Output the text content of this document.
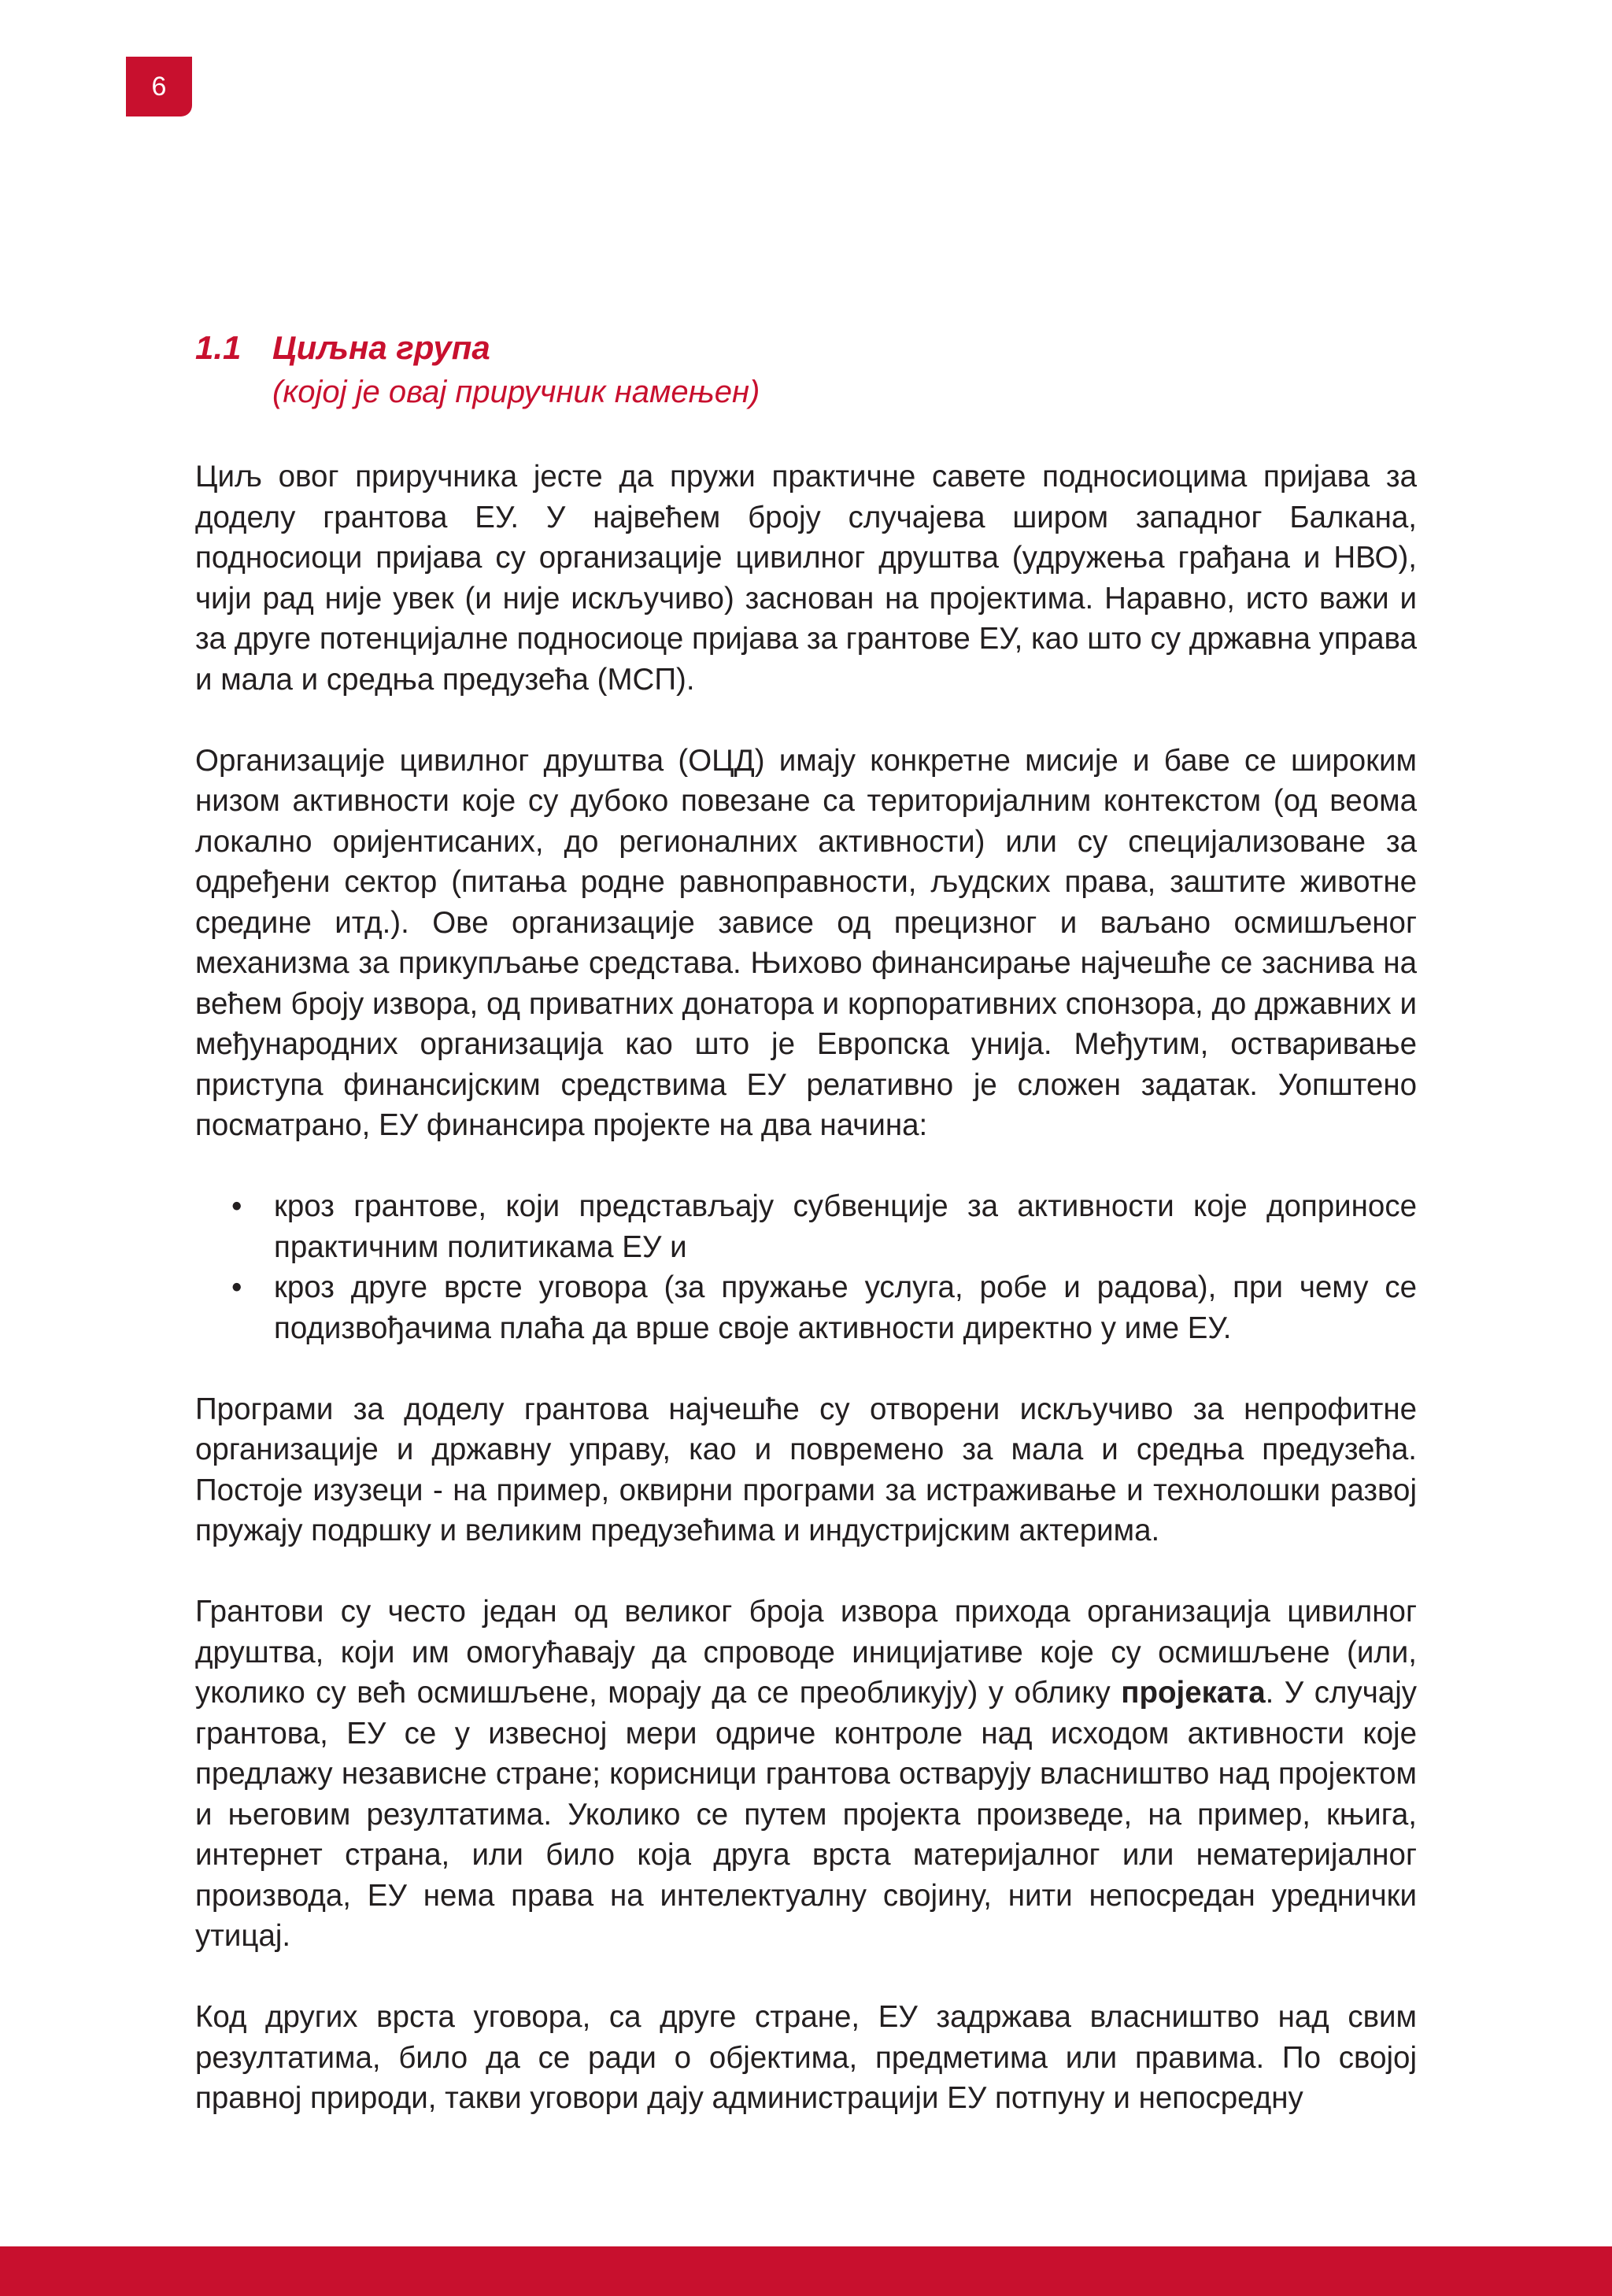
6
1.1 Циљна група
(којој је овај приручник намењен)

Циљ овог приручника јесте да пружи практичне савете подносиоцима пријава за доделу грантова ЕУ. У највећем броју случајева широм западног Балкана, подносиоци пријава су организације цивилног друштва (удружења грађана и НВО), чији рад није увек (и није искључиво) заснован на пројектима. Наравно, исто важи и за друге потенцијалне подносиоце пријава за грантове ЕУ, као што су државна управа и мала и средња предузећа (МСП).

Организације цивилног друштва (ОЦД) имају конкретне мисије и баве се широким низом активности које су дубоко повезане са територијалним контекстом (од веома локално оријентисаних, до регионалних активности) или су специјализоване за одређени сектор (питања родне равноправности, људских права, заштите животне средине итд.). Ове организације зависе од прецизног и ваљано осмишљеног механизма за прикупљање средстава. Њихово финансирање најчешће се заснива на већем броју извора, од приватних донатора и корпоративних спонзора, до државних и међународних организација као што је Европска унија. Међутим, остваривање приступа финансијским средствима ЕУ релативно је сложен задатак. Уопштено посматрано, ЕУ финансира пројекте на два начина:

• кроз грантове, који представљају субвенције за активности које доприносе практичним политикама ЕУ и
• кроз друге врсте уговора (за пружање услуга, робе и радова), при чему се подизвођачима плаћа да врше своје активности директно у име ЕУ.

Програми за доделу грантова најчешће су отворени искључиво за непрофитне организације и државну управу, као и повремено за мала и средња предузећа. Постоје изузеци - на пример, оквирни програми за истраживање и технолошки развој пружају подршку и великим предузећима и индустријским актерима.

Грантови су често један од великог броја извора прихода организација цивилног друштва, који им омогућавају да спроводе иницијативе које су осмишљене (или, уколико су већ осмишљене, морају да се преобликују) у облику пројеката. У случају грантова, ЕУ се у извесној мери одриче контроле над исходом активности које предлажу независне стране; корисници грантова остварују власништво над пројектом и његовим резултатима. Уколико се путем пројекта произведе, на пример, књига, интернет страна, или било која друга врста материјалног или нематеријалног производа, ЕУ нема права на интелектуалну својину, нити непосредан уреднички утицај.

Код других врста уговора, са друге стране, ЕУ задржава власништво над свим резултатима, било да се ради о објектима, предметима или правима. По својој правној природи, такви уговори дају администрацији ЕУ потпуну и непосредну
